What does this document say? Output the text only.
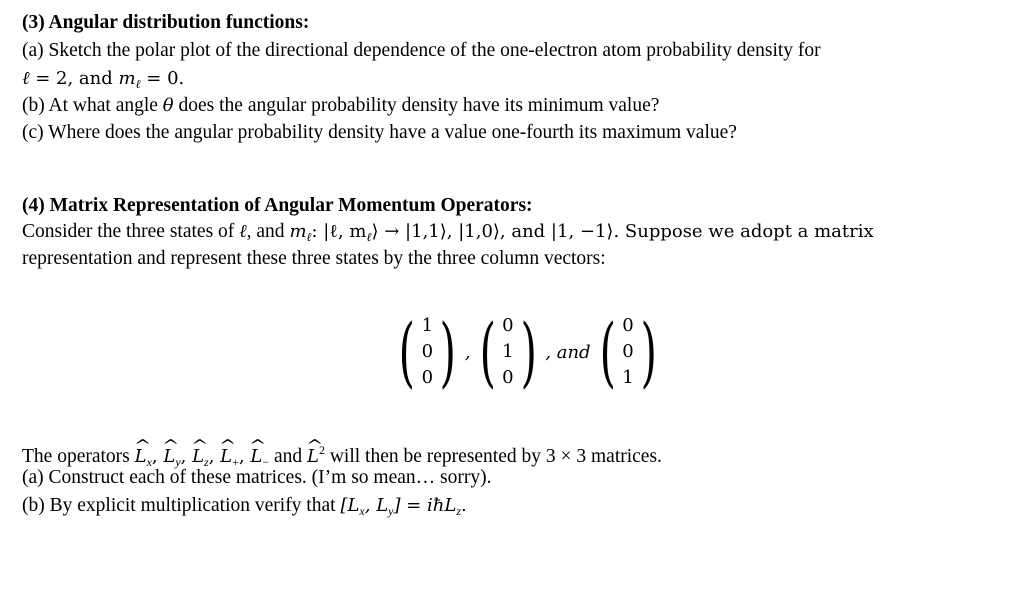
(3) Angular distribution functions:
(a) Sketch the polar plot of the directional dependence of the one-electron atom probability density for
ℓ = 2, and $m_\ell = 0$.
(b) At what angle θ does the angular probability density have its minimum value?
(c) Where does the angular probability density have a value one-fourth its maximum value?
(4) Matrix Representation of Angular Momentum Operators:
Consider the three states of ℓ, and $m_\ell$: |ℓ, $m_\ell⟩$ → |1,1⟩, |1,0⟩, and |1, −1⟩. Suppose we adopt a matrix
representation and represent these three states by the three column vectors:
( 1
0
0 ) , ( 0
1
0 ) , and ( 0
0
1 )
The operators ^ $L_x$, ^ $L_y$, ^ $L_z$, ^ $L_+$, ^ $L_-$ and ^ $L^2$ will then be represented by 3 × 3 matrices.
(a) Construct each of these matrices. (I’m so mean… sorry).
(b) By explicit multiplication verify that [$L_x$, $L_y$] = iħL$_z$.
